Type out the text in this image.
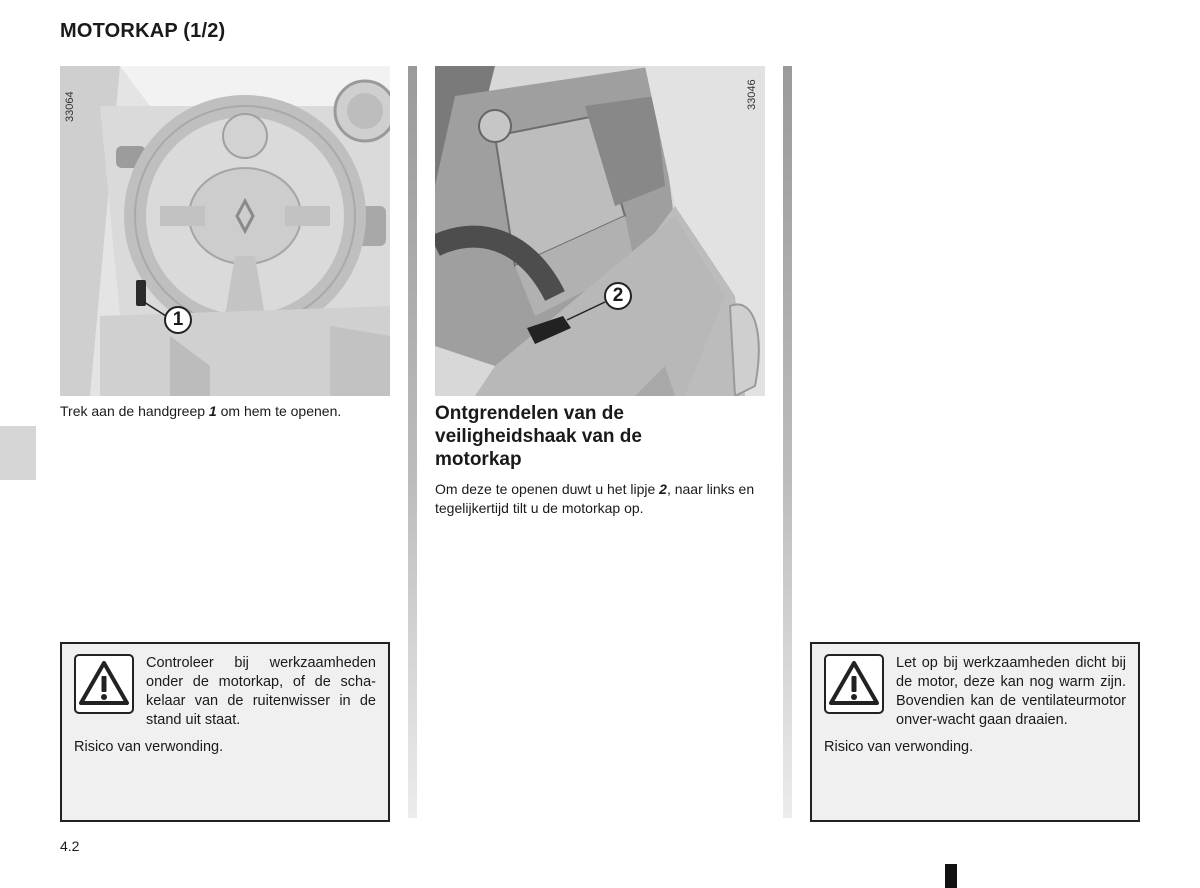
MOTORKAP (1/2)
1
33064
Trek aan de handgreep 1 om hem te openen.
2
33046
Ontgrendelen van de
veiligheidshaak van de
motorkap
Om deze te openen duwt u het lipje 2, naar links en tegelijkertijd tilt u de motorkap op.
Controleer bij werkzaamheden onder de motorkap, of de scha-kelaar van de ruitenwisser in de stand uit staat.
Risico van verwonding.
Let op bij werkzaamheden dicht bij de motor, deze kan nog warm zijn. Bovendien kan de ventilateurmotor onver-wacht gaan draaien.
Risico van verwonding.
4.2
